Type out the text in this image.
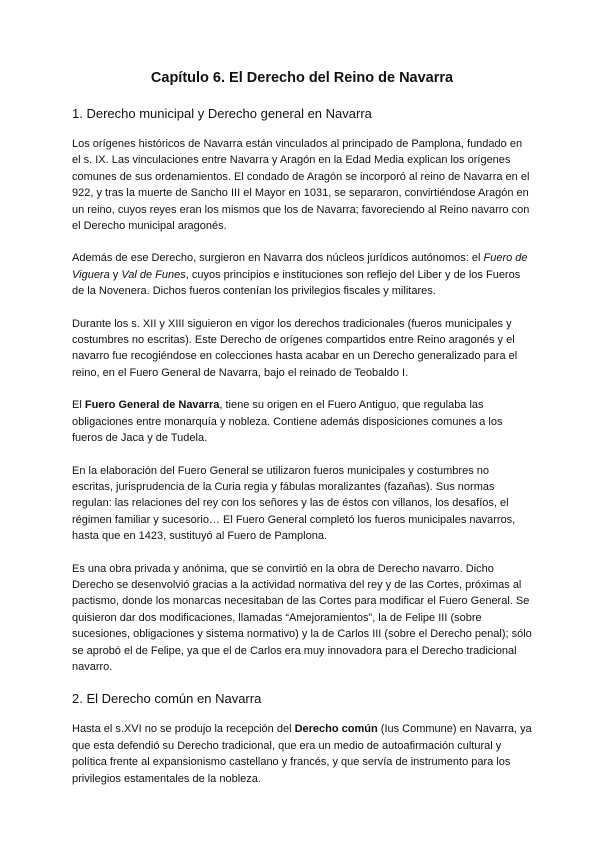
Capítulo 6. El Derecho del Reino de Navarra
1. Derecho municipal y Derecho general en Navarra

Los orígenes históricos de Navarra están vinculados al principado de Pamplona, fundado en el s. IX. Las vinculaciones entre Navarra y Aragón en la Edad Media explican los orígenes comunes de sus ordenamientos. El condado de Aragón se incorporó al reino de Navarra en el 922, y tras la muerte de Sancho III el Mayor en 1031, se separaron, convirtiéndose Aragón en un reino, cuyos reyes eran los mismos que los de Navarra; favoreciendo al Reino navarro con el Derecho municipal aragonés.

Además de ese Derecho, surgieron en Navarra dos núcleos jurídicos autónomos: el Fuero de Viguera y Val de Funes, cuyos principios e instituciones son reflejo del Liber y de los Fueros de la Novenera. Dichos fueros contenían los privilegios fiscales y militares.

Durante los s. XII y XIII siguieron en vigor los derechos tradicionales (fueros municipales y costumbres no escritas). Este Derecho de orígenes compartidos entre Reino aragonés y el navarro fue recogiéndose en colecciones hasta acabar en un Derecho generalizado para el reino, en el Fuero General de Navarra, bajo el reinado de Teobaldo I.

El Fuero General de Navarra, tiene su origen en el Fuero Antiguo, que regulaba las obligaciones entre monarquía y nobleza. Contiene además disposiciones comunes a los fueros de Jaca y de Tudela.

En la elaboración del Fuero General se utilizaron fueros municipales y costumbres no escritas, jurisprudencia de la Curia regia y fábulas moralizantes (fazañas). Sus normas regulan: las relaciones del rey con los señores y las de éstos con villanos, los desafíos, el régimen familiar y sucesorio… El Fuero General completó los fueros municipales navarros, hasta que en 1423, sustituyó al Fuero de Pamplona.

Es una obra privada y anónima, que se convirtió en la obra de Derecho navarro. Dicho Derecho se desenvolvió gracias a la actividad normativa del rey y de las Cortes, próximas al pactismo, donde los monarcas necesitaban de las Cortes para modificar el Fuero General. Se quisieron dar dos modificaciones, llamadas “Amejoramientos”, la de Felipe III (sobre sucesiones, obligaciones y sistema normativo) y la de Carlos III (sobre el Derecho penal); sólo se aprobó el de Felipe, ya que el de Carlos era muy innovadora para el Derecho tradicional navarro.

2. El Derecho común en Navarra

Hasta el s.XVI no se produjo la recepción del Derecho común (Ius Commune) en Navarra, ya que esta defendió su Derecho tradicional, que era un medio de autoafirmación cultural y política frente al expansionismo castellano y francés, y que servía de instrumento para los privilegios estamentales de la nobleza.
